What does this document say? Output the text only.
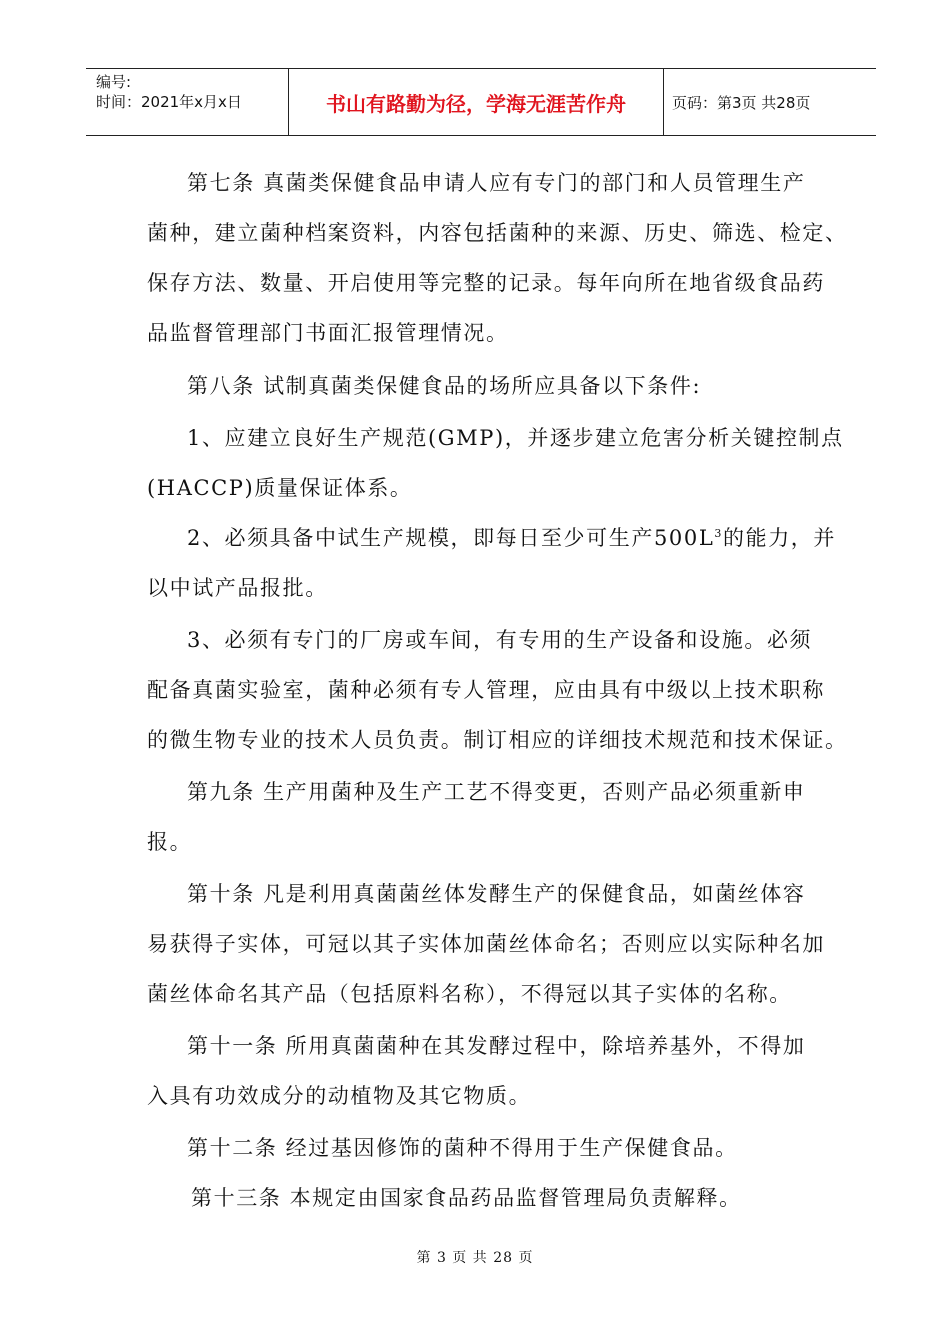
编号:
时间：2021年x月x日	书山有路勤为径，学海无涯苦作舟	页码：第3页 共28页
第七条 真菌类保健食品申请人应有专门的部门和人员管理生产
菌种，建立菌种档案资料，内容包括菌种的来源、历史、筛选、检定、
保存方法、数量、开启使用等完整的记录。每年向所在地省级食品药
品监督管理部门书面汇报管理情况。
第八条 试制真菌类保健食品的场所应具备以下条件:
1、应建立良好生产规范(GMP)，并逐步建立危害分析关键控制点
(HACCP)质量保证体系。
2、必须具备中试生产规模，即每日至少可生产$500L^3$的能力，并
以中试产品报批。
3、必须有专门的厂房或车间，有专用的生产设备和设施。必须
配备真菌实验室，菌种必须有专人管理，应由具有中级以上技术职称
的微生物专业的技术人员负责。制订相应的详细技术规范和技术保证。
第九条 生产用菌种及生产工艺不得变更，否则产品必须重新申
报。
第十条 凡是利用真菌菌丝体发酵生产的保健食品，如菌丝体容
易获得子实体，可冠以其子实体加菌丝体命名；否则应以实际种名加
菌丝体命名其产品（包括原料名称），不得冠以其子实体的名称。
第十一条 所用真菌菌种在其发酵过程中，除培养基外，不得加
入具有功效成分的动植物及其它物质。
第十二条 经过基因修饰的菌种不得用于生产保健食品。
第十三条 本规定由国家食品药品监督管理局负责解释。
第 3 页 共 28 页
